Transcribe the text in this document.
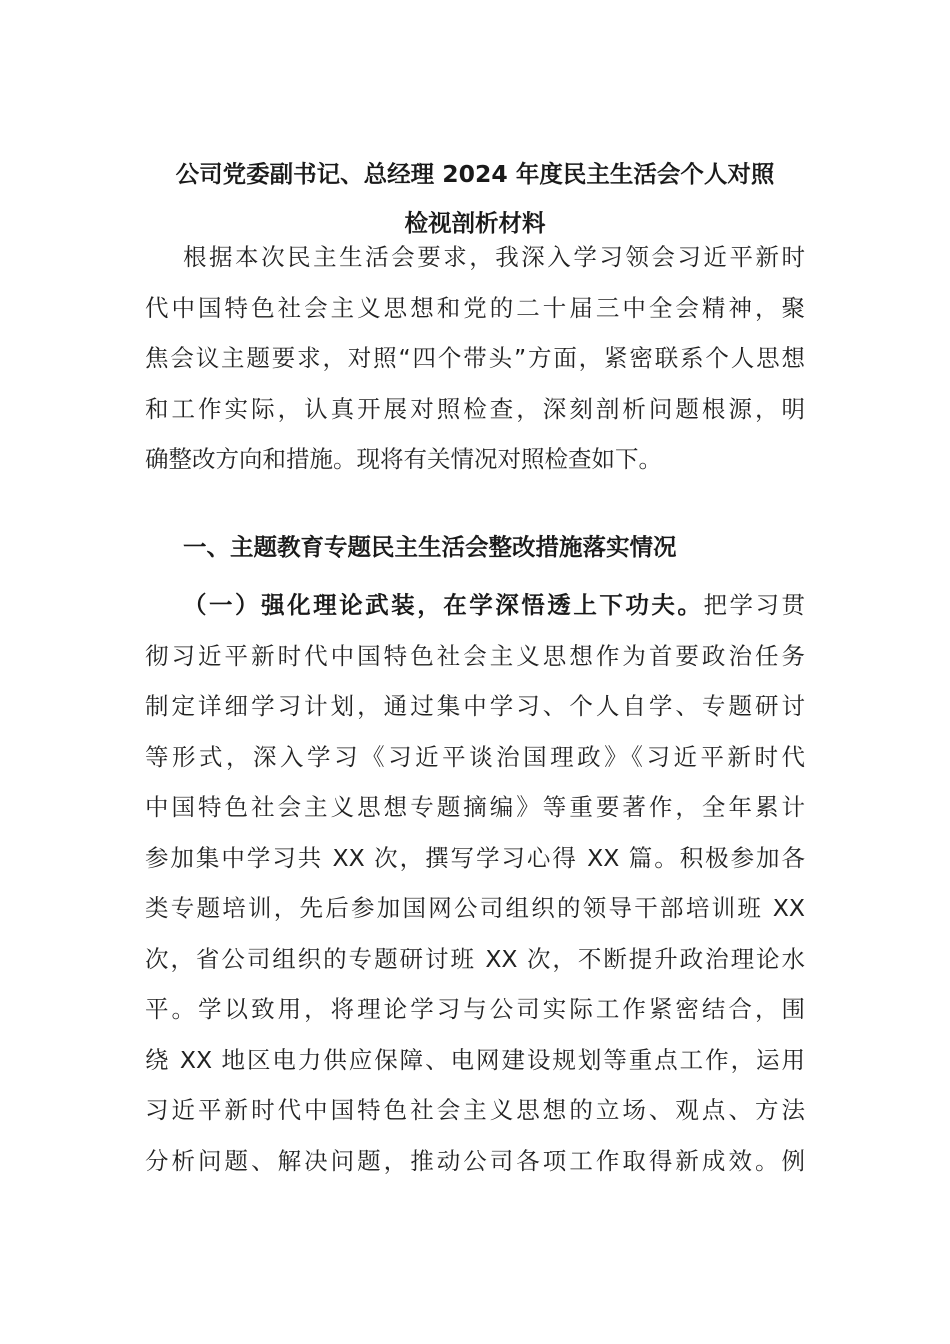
公司党委副书记、总经理 2024 年度民主生活会个人对照
检视剖析材料
根据本次民主生活会要求，我深入学习领会习近平新时
代中国特色社会主义思想和党的二十届三中全会精神，聚
焦会议主题要求，对照“四个带头”方面，紧密联系个人思想
和工作实际，认真开展对照检查，深刻剖析问题根源，明
确整改方向和措施。现将有关情况对照检查如下。
一、主题教育专题民主生活会整改措施落实情况
（一）强化理论武装，在学深悟透上下功夫。把学习贯
彻习近平新时代中国特色社会主义思想作为首要政治任务
制定详细学习计划，通过集中学习、个人自学、专题研讨
等形式，深入学习《习近平谈治国理政》《习近平新时代
中国特色社会主义思想专题摘编》等重要著作，全年累计
参加集中学习共 XX 次，撰写学习心得 XX 篇。积极参加各
类专题培训，先后参加国网公司组织的领导干部培训班 XX
次，省公司组织的专题研讨班 XX 次，不断提升政治理论水
平。学以致用，将理论学习与公司实际工作紧密结合，围
绕 XX 地区电力供应保障、电网建设规划等重点工作，运用
习近平新时代中国特色社会主义思想的立场、观点、方法
分析问题、解决问题，推动公司各项工作取得新成效。例
